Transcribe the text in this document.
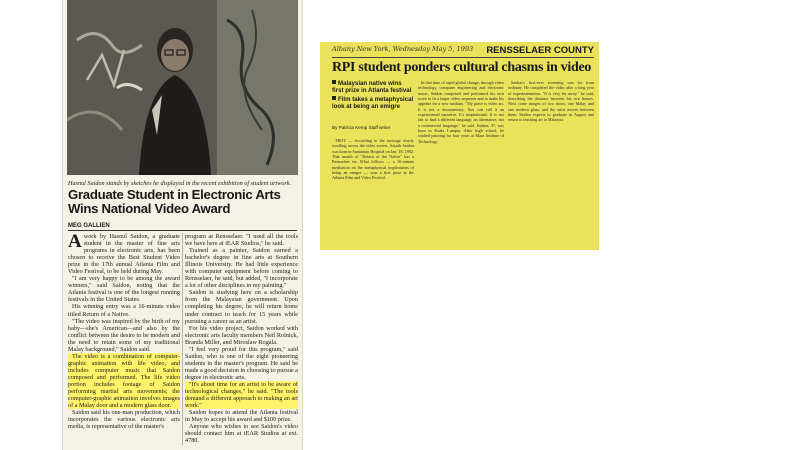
Hasnul Saidon stands by sketches he displayed in the recent exhibition of student artwork.
Graduate Student in Electronic Arts Wins National Video Award
MEG GALLIEN

Awork by Hasnul Saidon, a graduate student in the master of fine arts programs in electronic arts, has been chosen to receive the Best Student Video prize in the 17th annual Atlanta Film and Video Festival, to be held during May.

"I am very happy to be among the award winners," said Saidon, noting that the Atlanta festival is one of the longest running festivals in the United States.

His winning entry was a 16-minute video titled Return of a Native.

"The video was inspired by the birth of my baby—she's American—and also by the conflict between the desire to be modern and the need to retain some of my traditional Malay background," Saidon said.

The video is a combination of computer-graphic animation with life video, and includes computer music that Saidon composed and performed. The life video portion includes footage of Saidon performing martial arts movements; the computer-graphic animation involves images of a Malay door and a modern glass door.

Saidon said his one-man production, which incorporates the various electronic arts media, is representative of the master's

program at Rensselaer. "I used all the tools we have here at iEAR Studios," he said.

Trained as a painter, Saidon earned a bachelor's degree in fine arts at Southern Illinois University. He had little experience with computer equipment before coming to Rensselaer, he said, but added, "I incorporate a lot of other disciplines in my painting."

Saidon is studying here on a scholarship from the Malaysian government. Upon completing his degree, he will return home under contract to teach for 15 years while pursuing a career as an artist.

For his video project, Saidon worked with electronic arts faculty members Neil Rolnick, Branda Miller, and Miroslaw Rogala.

"I feel very proud for this program," said Saidon, who is one of the eight pioneering students in the master's program. He said he made a good decision in choosing to pursue a degree in electronic arts.

"It's about time for an artist to be aware of technological changes," he said. "The tools demand a different approach to making an art work."

Saidon hopes to attend the Atlanta festival in May to accept his award and $100 prize.

Anyone who wishes to see Saidon's video should contact him at iEAR Studios at ext. 4780.

Albany New York, Wednesday May 5, 1993 RENSSELAER COUNTY
RPI student ponders cultural chasms in video
Malaysian native wins first prize in Atlanta festival
Film takes a metaphysical look at being an emigre
By Patricia Kemp Staff writer

TROY — According to the message slowly scrolling across the video screen, Azizah Saidon was born in Samaritan Hospital on Jan. 18, 1992. That month of "Return of the Native" has a Rensselaer tie. What follows — a 16-minute meditation on the metaphysical implications of being an emigre — won a first prize at the Atlanta Film and Video Festival.

In that time of rapid global change, through video technology, computer engineering and electronic music, Saidon composed and performed his own score to fit a larger video sequence and to make his appetite for a new medium. "My piece is video art. It is not a documentary. You can call it an experimental narrative. It's inspirational. It is not fair to find a different language, an alternative, not a commercial language," he said. Saidon, 37, was born in Kuala Lumpur. After high school, he studied painting for four years at Mara Institute of Technology.

Saidon's first-ever screening was far from ordinary. He completed the video after a long year of experimentation. "It is very far away," he said, describing the distance between his two homes. Next come images of two doors, one Malay and one modern glass, and the artist moves between them. Saidon expects to graduate in August and return to teaching art in Malaysia.
